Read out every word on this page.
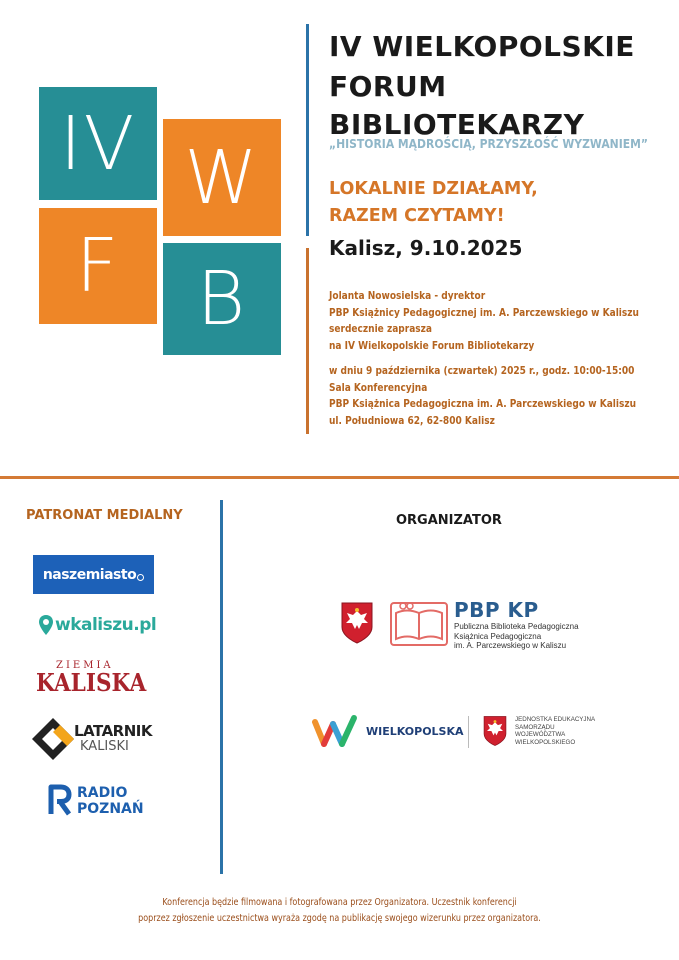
IV W
F B
IV WIELKOPOLSKIE
FORUM BIBLIOTEKARZY
„HISTORIA MĄDROŚCIĄ, PRZYSZŁOŚĆ WYZWANIEM”
LOKALNIE DZIAŁAMY,
RAZEM CZYTAMY!
Kalisz, 9.10.2025
Jolanta Nowosielska - dyrektor
PBP Książnicy Pedagogicznej im. A. Parczewskiego w Kaliszu
serdecznie zaprasza
na IV Wielkopolskie Forum Bibliotekarzy
w dniu 9 października (czwartek) 2025 r., godz. 10:00-15:00
Sala Konferencyjna
PBP Książnica Pedagogiczna im. A. Parczewskiego w Kaliszu
ul. Południowa 62, 62-800 Kalisz
PATRONAT MEDIALNY
naszemiasto
wkaliszu.pl
ZIEMIA
KALISKA
LATARNIK
KALISKI
RADIO
POZNAŃ
ORGANIZATOR
PBP KP
Publiczna Biblioteka Pedagogiczna
Książnica Pedagogiczna
im. A. Parczewskiego w Kaliszu
WIELKOPOLSKA
JEDNOSTKA EDUKACYJNA
SAMORZĄDU
WOJEWÓDZTWA
WIELKOPOLSKIEGO
Konferencja będzie filmowana i fotografowana przez Organizatora. Uczestnik konferencji
poprzez zgłoszenie uczestnictwa wyraża zgodę na publikację swojego wizerunku przez organizatora.
